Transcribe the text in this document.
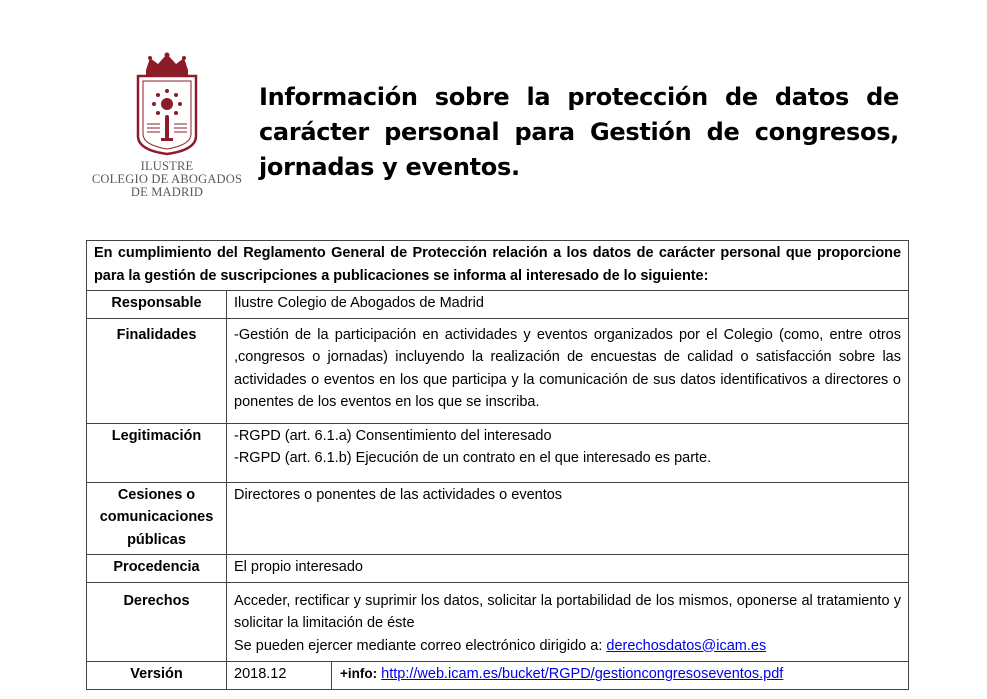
ILUSTRE
COLEGIO DE ABOGADOS
DE MADRID
Información sobre la protección de datos de carácter personal para Gestión de congresos, jornadas y eventos.
En cumplimiento del Reglamento General de Protección relación a los datos de carácter personal que proporcione para la gestión de suscripciones a publicaciones se informa al interesado de lo siguiente:		
Responsable	Ilustre Colegio de Abogados de Madrid	
Finalidades	-Gestión de la participación en actividades y eventos organizados por el Colegio (como, entre otros ,congresos o jornadas) incluyendo la realización de encuestas de calidad o satisfacción sobre las actividades o eventos en los que participa y la comunicación de sus datos identificativos a directores o ponentes de los eventos en los que se inscriba.	
Legitimación	-RGPD (art. 6.1.a) Consentimiento del interesado
-RGPD (art. 6.1.b) Ejecución de un contrato en el que interesado es parte.	

Cesiones o comunicaciones públicas	Directores o ponentes de las actividades o eventos	
Procedencia	El propio interesado	
Derechos	Acceder, rectificar y suprimir los datos, solicitar la portabilidad de los mismos, oponerse al tratamiento y solicitar la limitación de éste
Se pueden ejercer mediante correo electrónico dirigido a: derechosdatos@icam.es	

Versión	2018.12	+info: http://web.icam.es/bucket/RGPD/gestioncongresoseventos.pdf
